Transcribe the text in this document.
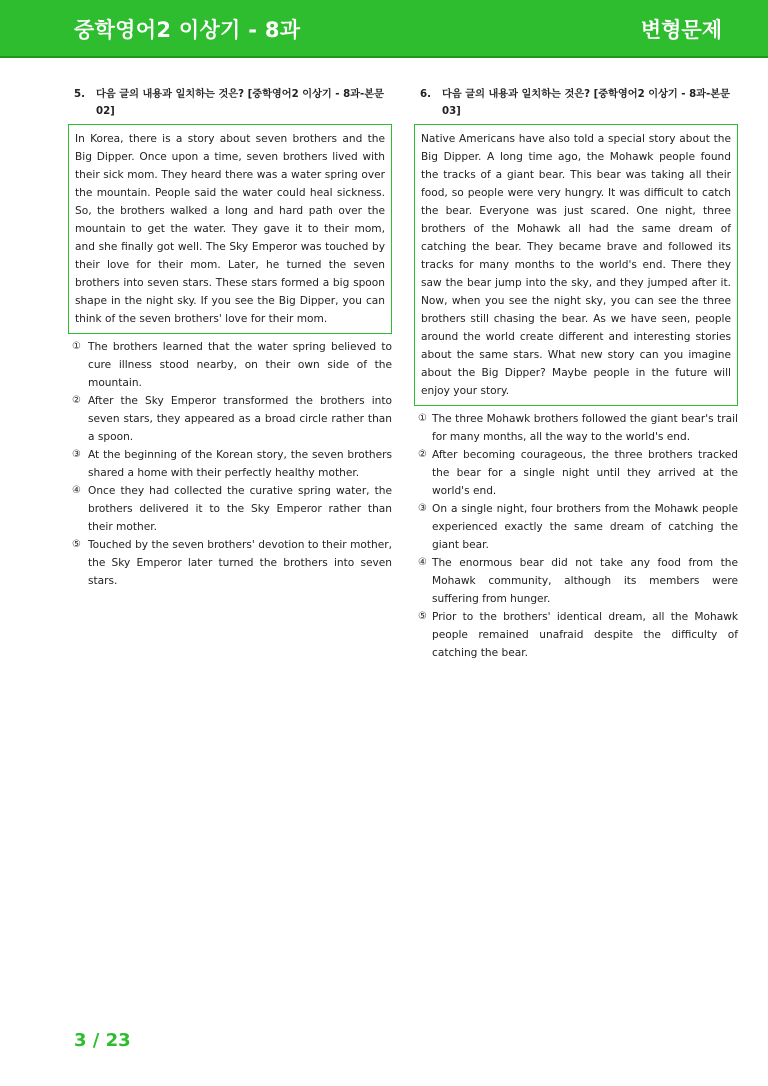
중학영어2 이상기 - 8과	변형문제
5. 다음 글의 내용과 일치하는 것은? [중학영어2 이상기 - 8과-본문 02]
In Korea, there is a story about seven brothers and the Big Dipper. Once upon a time, seven brothers lived with their sick mom. They heard there was a water spring over the mountain. People said the water could heal sickness. So, the brothers walked a long and hard path over the mountain to get the water. They gave it to their mom, and she finally got well. The Sky Emperor was touched by their love for their mom. Later, he turned the seven brothers into seven stars. These stars formed a big spoon shape in the night sky. If you see the Big Dipper, you can think of the seven brothers' love for their mom.
① The brothers learned that the water spring believed to cure illness stood nearby, on their own side of the mountain.
② After the Sky Emperor transformed the brothers into seven stars, they appeared as a broad circle rather than a spoon.
③ At the beginning of the Korean story, the seven brothers shared a home with their perfectly healthy mother.
④ Once they had collected the curative spring water, the brothers delivered it to the Sky Emperor rather than their mother.
⑤ Touched by the seven brothers' devotion to their mother, the Sky Emperor later turned the brothers into seven stars.
6. 다음 글의 내용과 일치하는 것은? [중학영어2 이상기 - 8과-본문 03]
Native Americans have also told a special story about the Big Dipper. A long time ago, the Mohawk people found the tracks of a giant bear. This bear was taking all their food, so people were very hungry. It was difficult to catch the bear. Everyone was just scared. One night, three brothers of the Mohawk all had the same dream of catching the bear. They became brave and followed its tracks for many months to the world's end. There they saw the bear jump into the sky, and they jumped after it. Now, when you see the night sky, you can see the three brothers still chasing the bear. As we have seen, people around the world create different and interesting stories about the same stars. What new story can you imagine about the Big Dipper? Maybe people in the future will enjoy your story.
① The three Mohawk brothers followed the giant bear's trail for many months, all the way to the world's end.
② After becoming courageous, the three brothers tracked the bear for a single night until they arrived at the world's end.
③ On a single night, four brothers from the Mohawk people experienced exactly the same dream of catching the giant bear.
④ The enormous bear did not take any food from the Mohawk community, although its members were suffering from hunger.
⑤ Prior to the brothers' identical dream, all the Mohawk people remained unafraid despite the difficulty of catching the bear.
3 / 23
